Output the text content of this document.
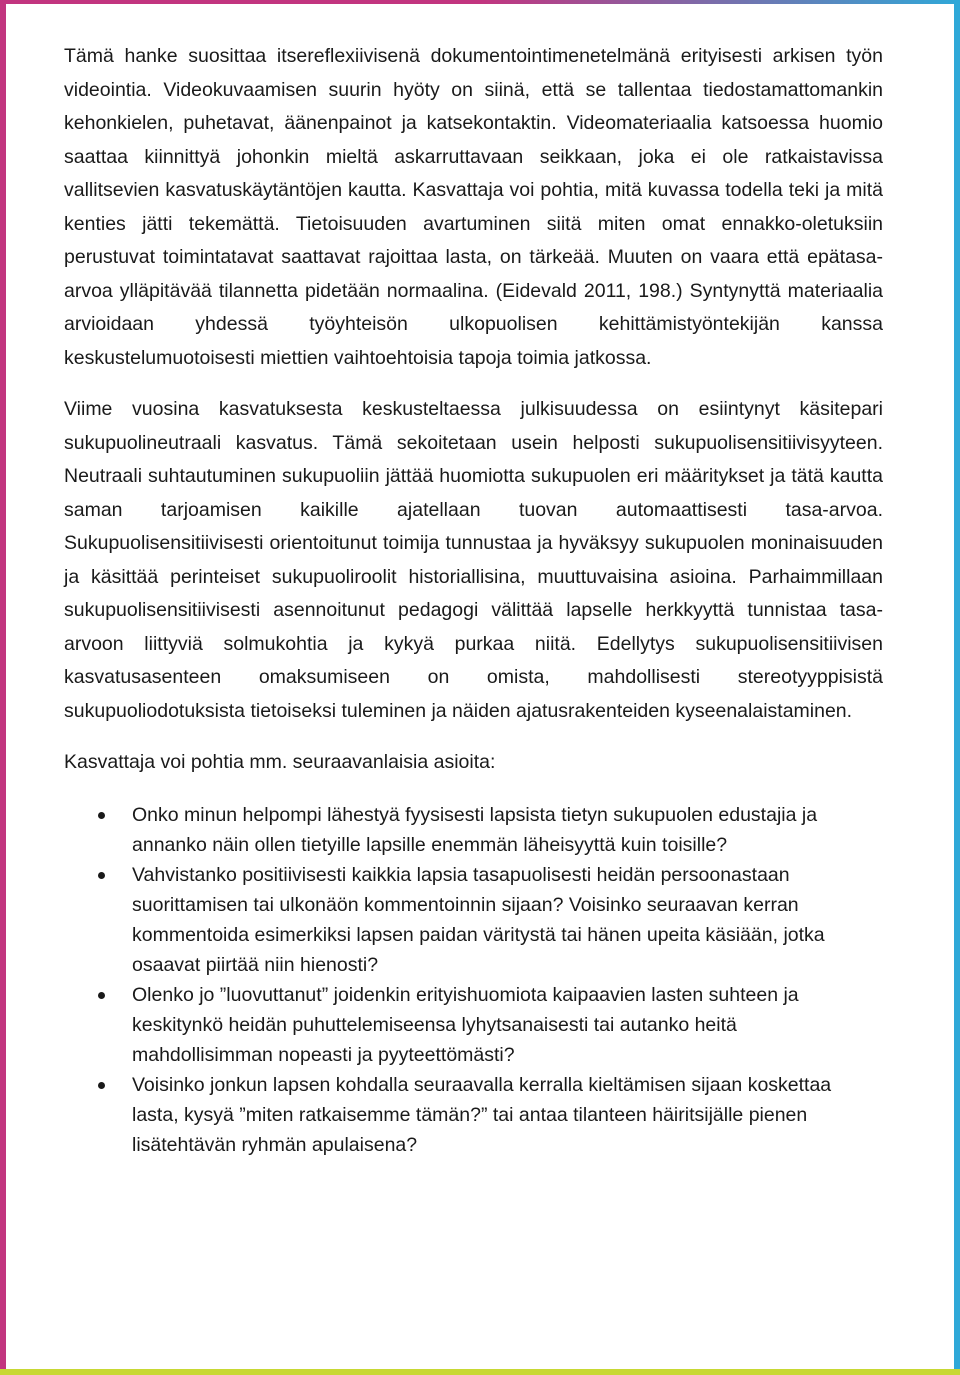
Tämä hanke suosittaa itsereflexiivisenä dokumentointimenetelmänä erityisesti arkisen työn videointia. Videokuvaamisen suurin hyöty on siinä, että se tallentaa tiedostamattomankin kehonkielen, puhetavat, äänenpainot ja katsekontaktin. Videomateriaalia katsoessa huomio saattaa kiinnittyä johonkin mieltä askarruttavaan seikkaan, joka ei ole ratkaistavissa vallitsevien kasvatuskäytäntöjen kautta. Kasvattaja voi pohtia, mitä kuvassa todella teki ja mitä kenties jätti tekemättä. Tietoisuuden avartuminen siitä miten omat ennakko-oletuksiin perustuvat toimintatavat saattavat rajoittaa lasta, on tärkeää. Muuten on vaara että epätasa-arvoa ylläpitävää tilannetta pidetään normaalina. (Eidevald 2011, 198.) Syntynyttä materiaalia arvioidaan yhdessä työyhteisön ulkopuolisen kehittämistyöntekijän kanssa keskustelumuotoisesti miettien vaihtoehtoisia tapoja toimia jatkossa.

Viime vuosina kasvatuksesta keskusteltaessa julkisuudessa on esiintynyt käsitepari sukupuolineutraali kasvatus. Tämä sekoitetaan usein helposti sukupuolisensitiivisyyteen. Neutraali suhtautuminen sukupuoliin jättää huomiotta sukupuolen eri määritykset ja tätä kautta saman tarjoamisen kaikille ajatellaan tuovan automaattisesti tasa-arvoa. Sukupuolisensitiivisesti orientoitunut toimija tunnustaa ja hyväksyy sukupuolen moninaisuuden ja käsittää perinteiset sukupuoliroolit historiallisina, muuttuvaisina asioina. Parhaimmillaan sukupuolisensitiivisesti asennoitunut pedagogi välittää lapselle herkkyyttä tunnistaa tasa-arvoon liittyviä solmukohtia ja kykyä purkaa niitä. Edellytys sukupuolisensitiivisen kasvatusasenteen omaksumiseen on omista, mahdollisesti stereotyyppisistä sukupuoliodotuksista tietoiseksi tuleminen ja näiden ajatusrakenteiden kyseenalaistaminen.

Kasvattaja voi pohtia mm. seuraavanlaisia asioita:

Onko minun helpompi lähestyä fyysisesti lapsista tietyn sukupuolen edustajia ja annanko näin ollen tietyille lapsille enemmän läheisyyttä kuin toisille?
Vahvistanko positiivisesti kaikkia lapsia tasapuolisesti heidän persoonastaan suorittamisen tai ulkonäön kommentoinnin sijaan? Voisinko seuraavan kerran kommentoida esimerkiksi lapsen paidan väritystä tai hänen upeita käsiään, jotka osaavat piirtää niin hienosti?
Olenko jo ”luovuttanut” joidenkin erityishuomiota kaipaavien lasten suhteen ja keskitynkö heidän puhuttelemiseensa lyhytsanaisesti tai autanko heitä mahdollisimman nopeasti ja pyyteettömästi?
Voisinko jonkun lapsen kohdalla seuraavalla kerralla kieltämisen sijaan koskettaa lasta, kysyä ”miten ratkaisemme tämän?” tai antaa tilanteen häiritsijälle pienen lisätehtävän ryhmän apulaisena?
